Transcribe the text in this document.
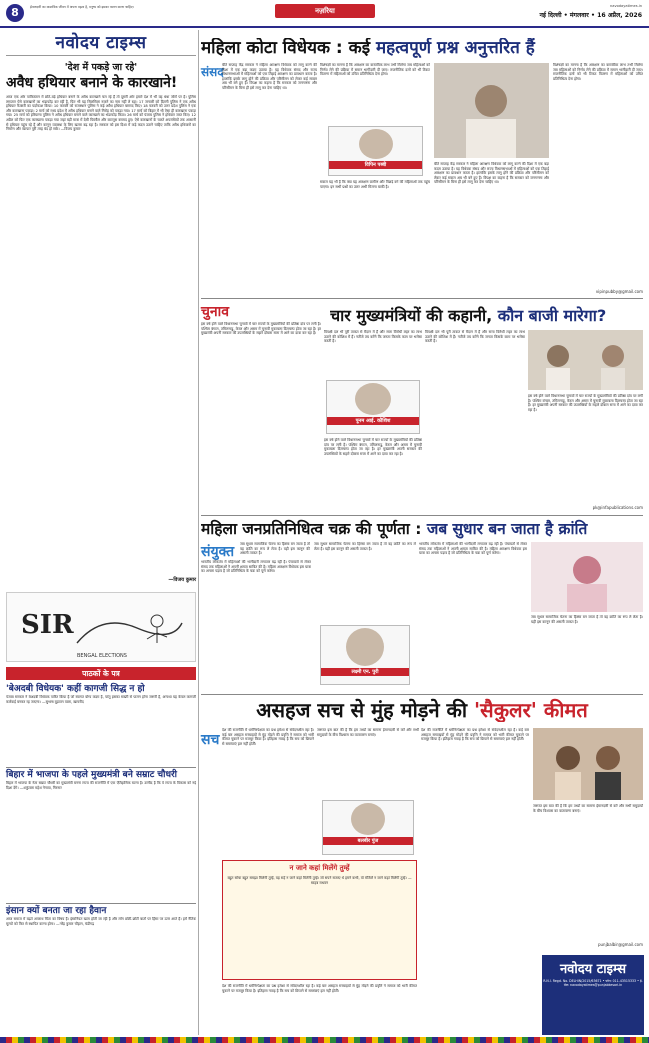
8	ईमानदारी का वास्तविक जीवन में अपना महत्व है, मनुष्य को इसका पालन करना चाहिए।	नज़रिया
navodayatimes.in
नई दिल्ली • मंगलवार • 16 अप्रैल, 2026
नवोदय टाइम्स
'देश में पकड़े जा रहे'
अवैध हथियार बनाने के कारखाने!
आज एक ओर पाकिस्तान में छोटे-बड़े हथियार बनाने के अवैध कारखाने चल रहे हैं तो दूसरी ओर हमारे देश में भी यह धंधा जोरों पर है। पुलिस लगातार ऐसे कारखानों का भंडाफोड़ कर रही है, फिर भी यह सिलसिला रुकने का नाम नहीं ले रहा। 17 जनवरी को दिल्ली पुलिस ने एक अवैध हथियार फैक्टरी का पर्दाफाश किया। 10 फरवरी को राजस्थान पुलिस ने कई अवैध हथियार बरामद किए। 18 फरवरी को उत्तर प्रदेश पुलिस ने एक और कारखाना पकड़ा। 2 मार्च को मध्य प्रदेश में अवैध हथियार बनाने वाले गिरोह को पकड़ा गया। 17 मार्च को बिहार में भी ऐसा ही कारखाना पकड़ा गया। 25 मार्च को हरियाणा पुलिस ने अवैध हथियार बनाने वाले कारखाने का भंडाफोड़ किया। 26 मार्च को पंजाब पुलिस ने हथियार जब्त किए। 12 अप्रैल को फिर एक कारखाना पकड़ा गया जहां बड़ी मात्रा में देसी पिस्तौल और कारतूस बरामद हुए। ऐसे कारखानों के चलते अपराधियों तक आसानी से हथियार पहुंच रहे हैं और कानून व्यवस्था के लिए खतरा बढ़ रहा है। सरकार को इस दिशा में कड़े कदम उठाने चाहिए ताकि अवैध हथियारों का निर्माण और व्यापार पूरी तरह बंद हो सके। —विजय कुमार
—विजय कुमार
SIR
BENGAL ELECTIONS
पाठकों के पत्र
'बेअदबी विधेयक' कहीं कागजी सिद्ध न हो
पंजाब सरकार ने बेअदबी विधेयक पारित किया है जो स्वागत योग्य कदम है, परंतु इसका सख्ती से पालन होना जरूरी है, अन्यथा यह केवल कागजी कार्रवाई बनकर रह जाएगा। —सुभाष बुड़ावन वाला, खाचरौद
बिहार में भाजपा के पहले मुख्यमंत्री बने सम्राट चौधरी
बिहार में भाजपा के नेता सम्राट चौधरी का मुख्यमंत्री बनना राज्य की राजनीति में एक ऐतिहासिक घटना है। उम्मीद है कि वे राज्य के विकास को नई दिशा देंगे। —शकुंतला महेश नेनावा, गिरनार
इंसान क्यों बनता जा रहा हैवान
आज समाज में बढ़ते अपराध चिंता का विषय हैं। इंसानियत खत्म होती जा रही है और लोग छोटी-छोटी बातों पर हिंसा पर उतर आते हैं। हमें नैतिक मूल्यों को फिर से स्थापित करना होगा। —नरेंद्र कुमार चौहान, चंडीगढ़
महिला कोटा विधेयक : कई महत्वपूर्ण प्रश्न अनुत्तरित हैं
संसद
बीते सप्ताह केंद्र सरकार ने महिला आरक्षण विधेयक को लागू करने की दिशा में एक बड़ा कदम उठाया है। यह विधेयक संसद और राज्य विधानसभाओं में महिलाओं को एक तिहाई आरक्षण का प्रावधान करता है। हालांकि इसके लागू होने की प्रक्रिया और परिसीमन को लेकर कई सवाल अब भी बने हुए हैं। विपक्ष का कहना है कि सरकार को जनगणना और परिसीमन के बिना ही इसे लागू कर देना चाहिए था।
विशेषज्ञों का मानना है कि आरक्षण का वास्तविक लाभ तभी मिलेगा जब महिलाओं को निर्णय लेने की प्रक्रिया में समान भागीदारी दी जाए। राजनीतिक दलों को भी टिकट वितरण में महिलाओं को उचित प्रतिनिधित्व देना होगा।
विपिन पब्बी
सवाल यह भी है कि क्या यह आरक्षण ग्रामीण और पिछड़े वर्ग की महिलाओं तक पहुंच पाएगा। इन सभी प्रश्नों का उत्तर अभी मिलना बाकी है।
बीते सप्ताह केंद्र सरकार ने महिला आरक्षण विधेयक को लागू करने की दिशा में एक बड़ा कदम उठाया है। यह विधेयक संसद और राज्य विधानसभाओं में महिलाओं को एक तिहाई आरक्षण का प्रावधान करता है। हालांकि इसके लागू होने की प्रक्रिया और परिसीमन को लेकर कई सवाल अब भी बने हुए हैं। विपक्ष का कहना है कि सरकार को जनगणना और परिसीमन के बिना ही इसे लागू कर देना चाहिए था।
विशेषज्ञों का मानना है कि आरक्षण का वास्तविक लाभ तभी मिलेगा जब महिलाओं को निर्णय लेने की प्रक्रिया में समान भागीदारी दी जाए। राजनीतिक दलों को भी टिकट वितरण में महिलाओं को उचित प्रतिनिधित्व देना होगा।
vipinpubby@gmail.com
चुनाव	चार मुख्यमंत्रियों की कहानी, कौन बाजी मारेगा?
इस वर्ष होने वाले विधानसभा चुनावों में चार राज्यों के मुख्यमंत्रियों की प्रतिष्ठा दांव पर लगी है। पश्चिम बंगाल, तमिलनाडु, केरल और असम में चुनावी मुकाबला दिलचस्प होता जा रहा है। हर मुख्यमंत्री अपनी सरकार की उपलब्धियों के सहारे दोबारा सत्ता में आने का दावा कर रहा है।	विपक्षी दल भी पूरी ताकत से मैदान में हैं और सत्ता विरोधी लहर का लाभ उठाने की कोशिश में हैं। नतीजे तय करेंगे कि जनता किसके काम पर भरोसा करती है।
पूनम आई. कौशिश
इस वर्ष होने वाले विधानसभा चुनावों में चार राज्यों के मुख्यमंत्रियों की प्रतिष्ठा दांव पर लगी है। पश्चिम बंगाल, तमिलनाडु, केरल और असम में चुनावी मुकाबला दिलचस्प होता जा रहा है। हर मुख्यमंत्री अपनी सरकार की उपलब्धियों के सहारे दोबारा सत्ता में आने का दावा कर रहा है।
विपक्षी दल भी पूरी ताकत से मैदान में हैं और सत्ता विरोधी लहर का लाभ उठाने की कोशिश में हैं। नतीजे तय करेंगे कि जनता किसके काम पर भरोसा करती है।
इस वर्ष होने वाले विधानसभा चुनावों में चार राज्यों के मुख्यमंत्रियों की प्रतिष्ठा दांव पर लगी है। पश्चिम बंगाल, तमिलनाडु, केरल और असम में चुनावी मुकाबला दिलचस्प होता जा रहा है। हर मुख्यमंत्री अपनी सरकार की उपलब्धियों के सहारे दोबारा सत्ता में आने का दावा कर रहा है।
pk@infapublications.com
महिला जनप्रतिनिधित्व चक्र की पूर्णता : जब सुधार बन जाता है क्रांति
संयुक्त
भारतीय लोकतंत्र में महिलाओं की भागीदारी लगातार बढ़ रही है। पंचायतों से लेकर संसद तक महिलाओं ने अपनी क्षमता साबित की है। महिला आरक्षण विधेयक इस यात्रा का अगला पड़ाव है जो प्रतिनिधित्व के चक्र को पूर्ण करेगा।
जब सुधार सामाजिक चेतना का हिस्सा बन जाता है तो वह क्रांति का रूप ले लेता है। यही इस कानून की असली ताकत है।
जब सुधार सामाजिक चेतना का हिस्सा बन जाता है तो वह क्रांति का रूप ले लेता है। यही इस कानून की असली ताकत है।
लक्ष्मी एन. पुरी
भारतीय लोकतंत्र में महिलाओं की भागीदारी लगातार बढ़ रही है। पंचायतों से लेकर संसद तक महिलाओं ने अपनी क्षमता साबित की है। महिला आरक्षण विधेयक इस यात्रा का अगला पड़ाव है जो प्रतिनिधित्व के चक्र को पूर्ण करेगा।
जब सुधार सामाजिक चेतना का हिस्सा बन जाता है तो वह क्रांति का रूप ले लेता है। यही इस कानून की असली ताकत है।
असहज सच से मुंह मोड़ने की 'सैकुलर' कीमत
सच
देश की राजनीति में धर्मनिरपेक्षता का प्रश्न हमेशा से संवेदनशील रहा है। कई बार असहज सच्चाइयों से मुंह मोड़ने की प्रवृत्ति ने समाज को भारी कीमत चुकाने पर मजबूर किया है। इतिहास गवाह है कि सच को छिपाने से समस्याएं हल नहीं होतीं।
जरूरत इस बात की है कि हम तथ्यों का सामना ईमानदारी से करें और सभी समुदायों के बीच विश्वास का वातावरण बनाएं।
बलबीर पुंज
न जाने कहां मिलेंगे तुम्हें
बहुत सोचा बहुत समझा मिलेगी तुम्हें, यह राहें न जाने कहां मिलेंगी तुम्हें। जो सपने सजाए थे हमने कभी, वो मंजिलें न जाने कहां मिलेंगी तुम्हें। —साहब राधवन
देश की राजनीति में धर्मनिरपेक्षता का प्रश्न हमेशा से संवेदनशील रहा है। कई बार असहज सच्चाइयों से मुंह मोड़ने की प्रवृत्ति ने समाज को भारी कीमत चुकाने पर मजबूर किया है। इतिहास गवाह है कि सच को छिपाने से समस्याएं हल नहीं होतीं।
देश की राजनीति में धर्मनिरपेक्षता का प्रश्न हमेशा से संवेदनशील रहा है। कई बार असहज सच्चाइयों से मुंह मोड़ने की प्रवृत्ति ने समाज को भारी कीमत चुकाने पर मजबूर किया है। इतिहास गवाह है कि सच को छिपाने से समस्याएं हल नहीं होतीं।
जरूरत इस बात की है कि हम तथ्यों का सामना ईमानदारी से करें और सभी समुदायों के बीच विश्वास का वातावरण बनाएं।
punjbalbir@gmail.com
नवोदय टाइम्स
R.N.I. Regd. No. DELHIN/2015/63671 • फोन: 011-43515333 • ई-मेल: navodayatimes@punjabkesari.in
